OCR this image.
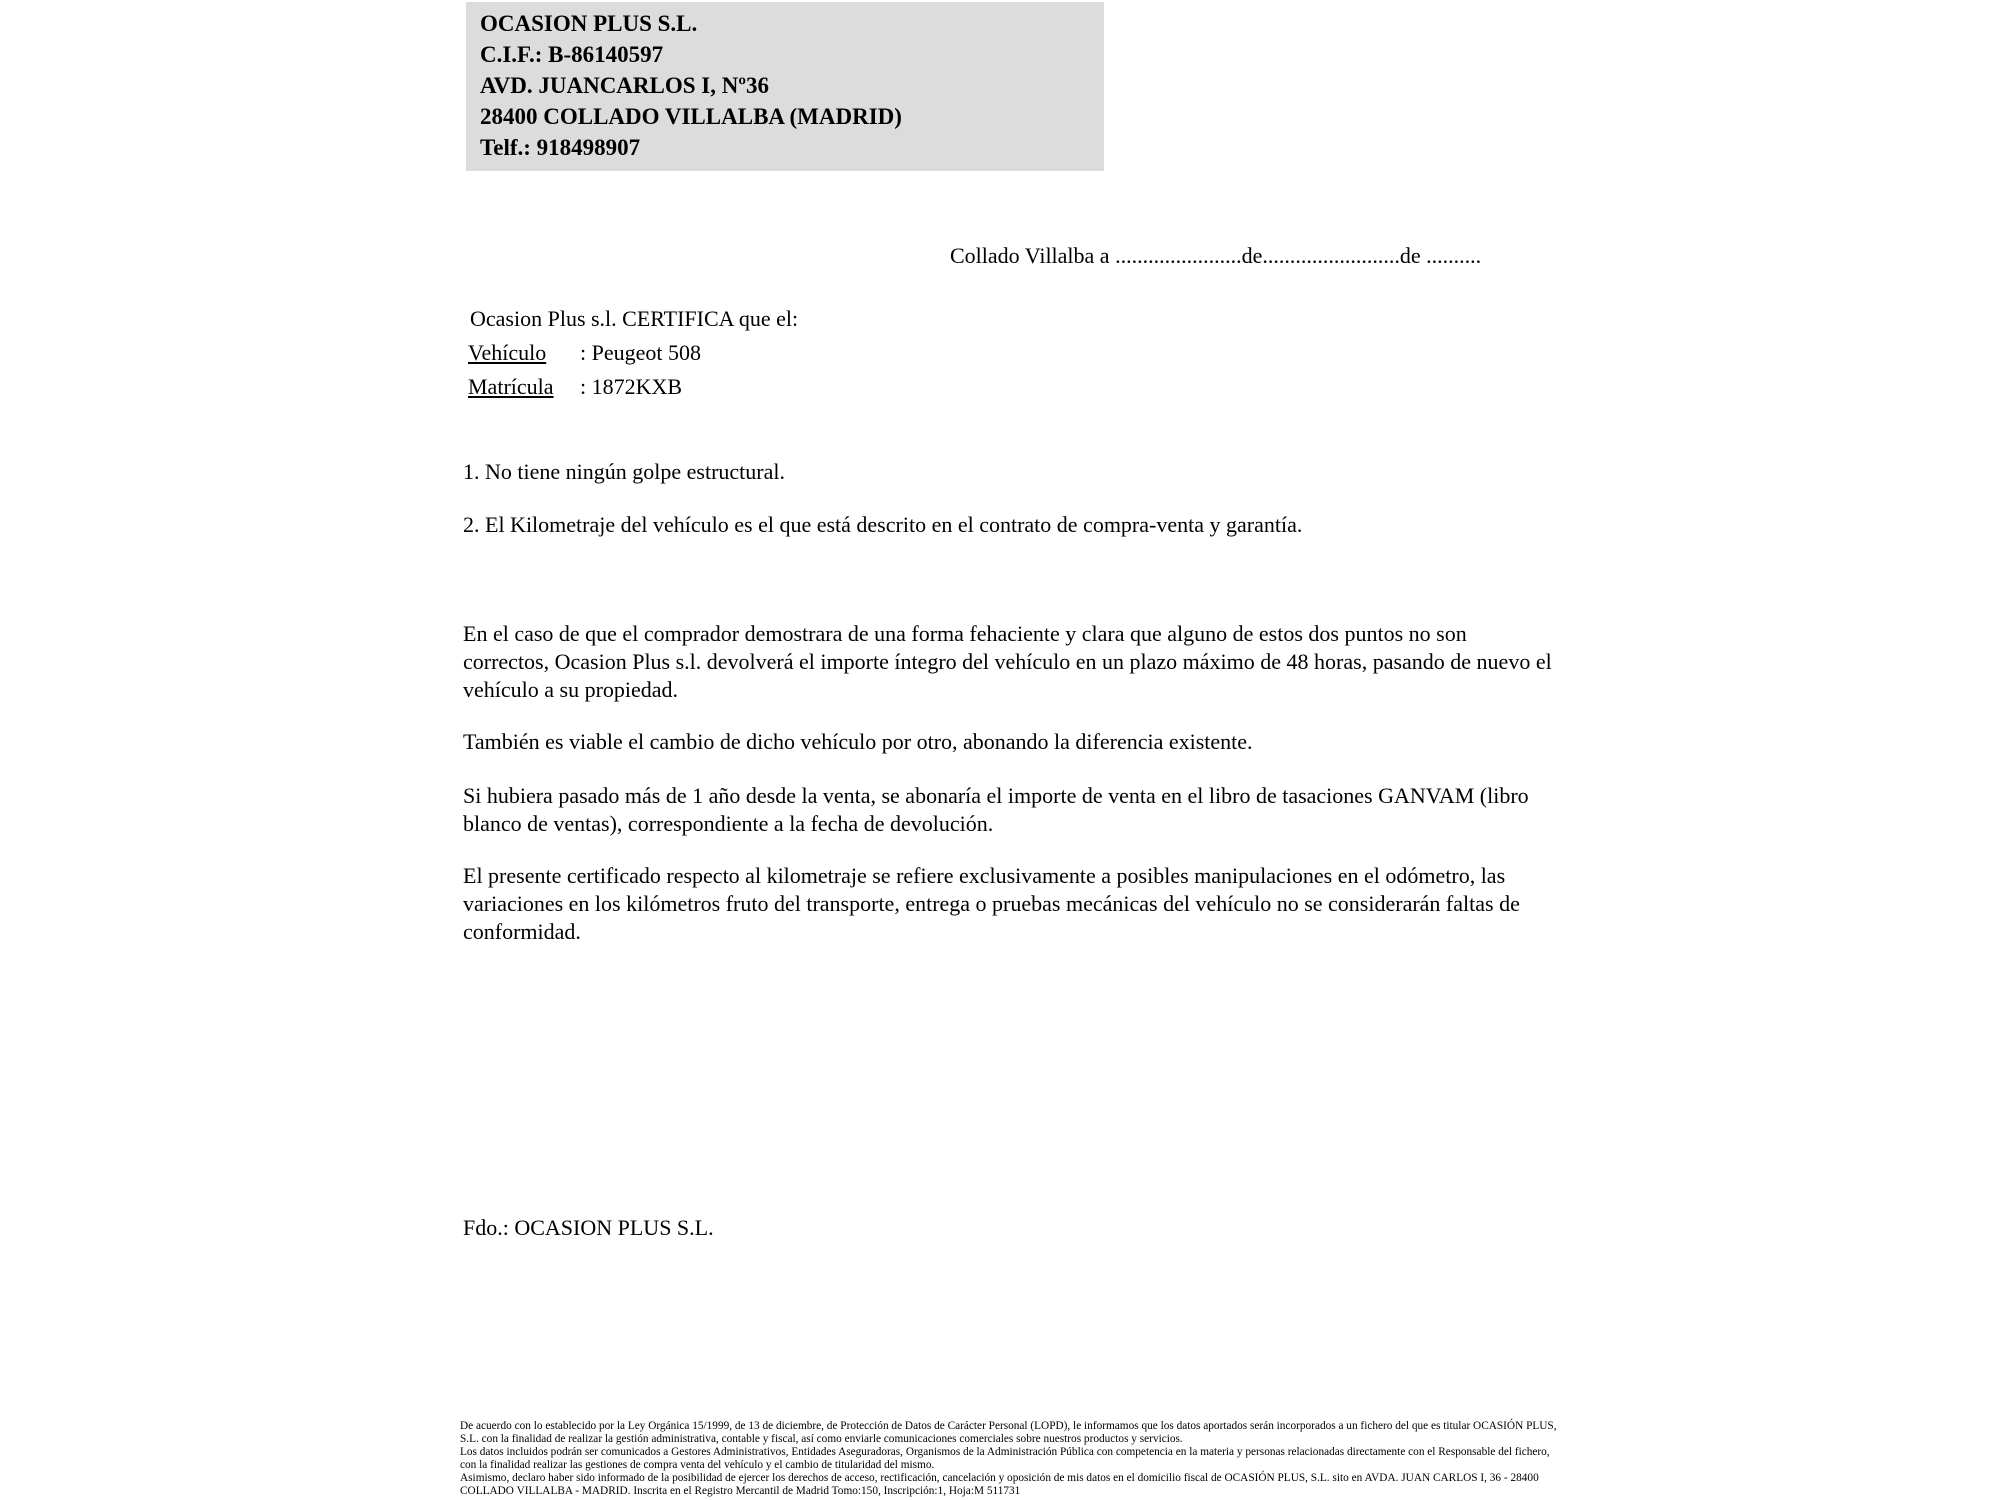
OCASION PLUS S.L.
C.I.F.: B-86140597
AVD. JUANCARLOS I, Nº36
28400 COLLADO VILLALBA (MADRID)
Telf.: 918498907
Collado Villalba a .......................de.........................de ..........
Ocasion Plus s.l. CERTIFICA que el:
Vehículo : Peugeot 508
Matrícula : 1872KXB

1. No tiene ningún golpe estructural.

2. El Kilometraje del vehículo es el que está descrito en el contrato de compra-venta y garantía.

En el caso de que el comprador demostrara de una forma fehaciente y clara que alguno de estos dos puntos no son correctos, Ocasion Plus s.l. devolverá el importe íntegro del vehículo en un plazo máximo de 48 horas, pasando de nuevo el vehículo a su propiedad.

También es viable el cambio de dicho vehículo por otro, abonando la diferencia existente.

Si hubiera pasado más de 1 año desde la venta, se abonaría el importe de venta en el libro de tasaciones GANVAM (libro blanco de ventas), correspondiente a la fecha de devolución.

El presente certificado respecto al kilometraje se refiere exclusivamente a posibles manipulaciones en el odómetro, las variaciones en los kilómetros fruto del transporte, entrega o pruebas mecánicas del vehículo no se considerarán faltas de conformidad.

Fdo.: OCASION PLUS S.L.

De acuerdo con lo establecido por la Ley Orgánica 15/1999, de 13 de diciembre, de Protección de Datos de Carácter Personal (LOPD), le informamos que los datos aportados serán incorporados a un fichero del que es titular OCASIÓN PLUS, S.L. con la finalidad de realizar la gestión administrativa, contable y fiscal, así como enviarle comunicaciones comerciales sobre nuestros productos y servicios.

Los datos incluidos podrán ser comunicados a Gestores Administrativos, Entidades Aseguradoras, Organismos de la Administración Pública con competencia en la materia y personas relacionadas directamente con el Responsable del fichero, con la finalidad realizar las gestiones de compra venta del vehículo y el cambio de titularidad del mismo.

Asimismo, declaro haber sido informado de la posibilidad de ejercer los derechos de acceso, rectificación, cancelación y oposición de mis datos en el domicilio fiscal de OCASIÓN PLUS, S.L. sito en AVDA. JUAN CARLOS I, 36 - 28400 COLLADO VILLALBA - MADRID. Inscrita en el Registro Mercantil de Madrid Tomo:150, Inscripción:1, Hoja:M 511731
